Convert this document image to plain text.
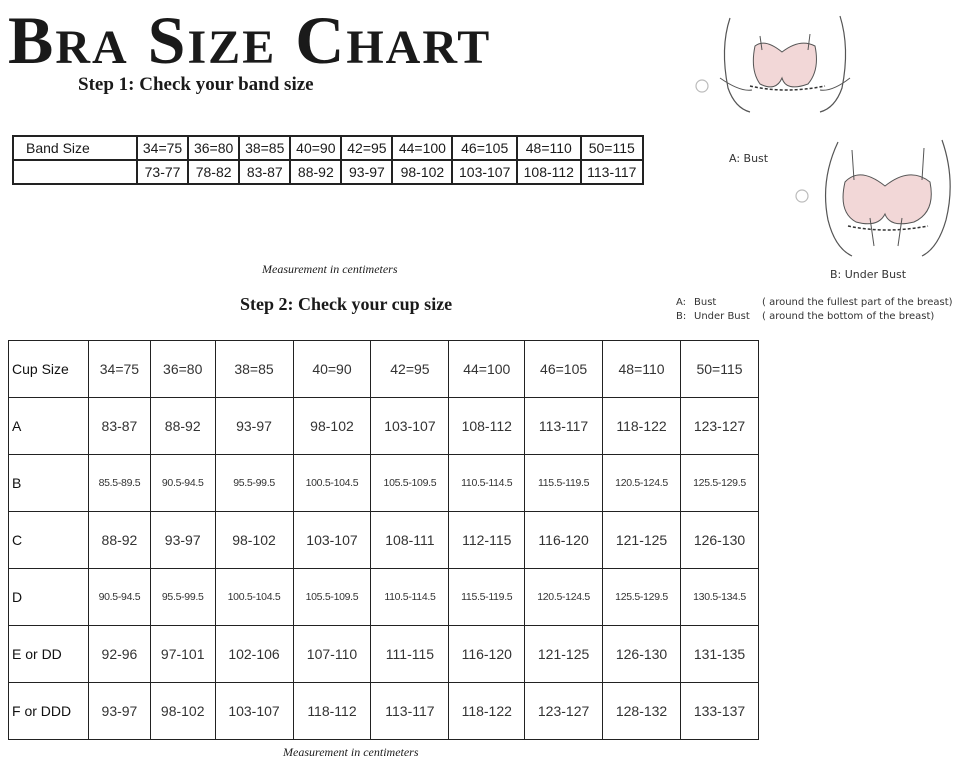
Bra Size Chart
Step 1: Check your band size
Band Size	34=75	36=80	38=85	40=90	42=95	44=100	46=105	48=110	50=115
	73-77	78-82	83-87	88-92	93-97	98-102	103-107	108-112	113-117
Measurement in centimeters
Step 2: Check your cup size
Cup Size	34=75	36=80	38=85	40=90	42=95	44=100	46=105	48=110	50=115
A	83-87	88-92	93-97	98-102	103-107	108-112	113-117	118-122	123-127
B	85.5-89.5	90.5-94.5	95.5-99.5	100.5-104.5	105.5-109.5	110.5-114.5	115.5-119.5	120.5-124.5	125.5-129.5
C	88-92	93-97	98-102	103-107	108-111	112-115	116-120	121-125	126-130
D	90.5-94.5	95.5-99.5	100.5-104.5	105.5-109.5	110.5-114.5	115.5-119.5	120.5-124.5	125.5-129.5	130.5-134.5
E or DD	92-96	97-101	102-106	107-110	111-115	116-120	121-125	126-130	131-135
F or DDD	93-97	98-102	103-107	118-112	113-117	118-122	123-127	128-132	133-137
Measurement in centimeters
A: Bust
B: Under Bust
A: Bust	( around the fullest part of the breast)
B: Under Bust ( around the bottom of the breast)
